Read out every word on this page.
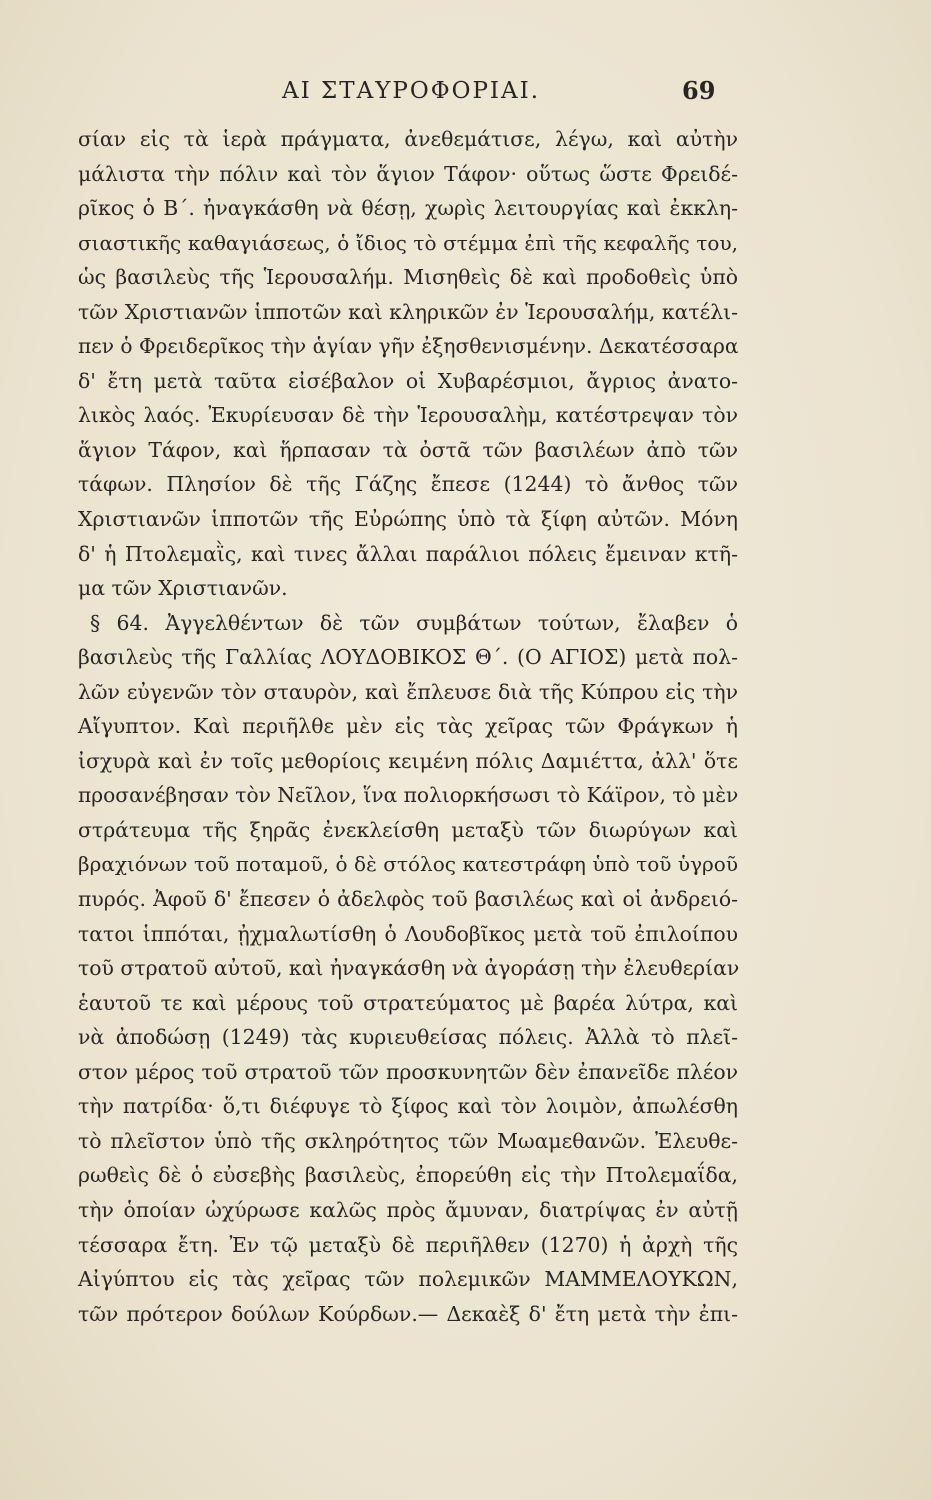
ΑΙ ΣΤΑΥΡΟΦΟΡΙΑΙ.	69
σίαν εἰς τὰ ἱερὰ πράγματα, ἀνεθεμάτισε, λέγω, καὶ αὐτὴν
μάλιστα τὴν πόλιν καὶ τὸν ἅγιον Τάφον· οὕτως ὥστε Φρειδέ-
ρῖκος ὁ Β΄. ἠναγκάσθη νὰ θέσῃ, χωρὶς λειτουργίας καὶ ἐκκλη-
σιαστικῆς καθαγιάσεως, ὁ ἴδιος τὸ στέμμα ἐπὶ τῆς κεφαλῆς του,
ὡς βασιλεὺς τῆς Ἱερουσαλήμ. Μισηθεὶς δὲ καὶ προδοθεὶς ὑπὸ
τῶν Χριστιανῶν ἱπποτῶν καὶ κληρικῶν ἐν Ἱερουσαλήμ, κατέλι-
πεν ὁ Φρειδερῖκος τὴν ἁγίαν γῆν ἐξησθενισμένην. Δεκατέσσαρα
δ' ἔτη μετὰ ταῦτα εἰσέβαλον οἱ Χυβαρέσμιοι, ἄγριος ἀνατο-
λικὸς λαός. Ἐκυρίευσαν δὲ τὴν Ἱερουσαλὴμ, κατέστρεψαν τὸν
ἅγιον Τάφον, καὶ ἥρπασαν τὰ ὀστᾶ τῶν βασιλέων ἀπὸ τῶν
τάφων. Πλησίον δὲ τῆς Γάζης ἔπεσε (1244) τὸ ἄνθος τῶν
Χριστιανῶν ἱπποτῶν τῆς Εὐρώπης ὑπὸ τὰ ξίφη αὐτῶν. Μόνη
δ' ἡ Πτολεμαῒς, καὶ τινες ἄλλαι παράλιοι πόλεις ἔμειναν κτῆ-
μα τῶν Χριστιανῶν.
§ 64. Ἀγγελθέντων δὲ τῶν συμβάτων τούτων, ἔλαβεν ὁ
βασιλεὺς τῆς Γαλλίας ΛΟΥΔΟΒΙΚΟΣ Θ΄. (Ο ΑΓΙΟΣ) μετὰ πολ-
λῶν εὐγενῶν τὸν σταυρὸν, καὶ ἔπλευσε διὰ τῆς Κύπρου εἰς τὴν
Αἴγυπτον. Καὶ περιῆλθε μὲν εἰς τὰς χεῖρας τῶν Φράγκων ἡ
ἰσχυρὰ καὶ ἐν τοῖς μεθορίοις κειμένη πόλις Δαμιέττα, ἀλλ' ὅτε
προσανέβησαν τὸν Νεῖλον, ἵνα πολιορκήσωσι τὸ Κάϊρον, τὸ μὲν
στράτευμα τῆς ξηρᾶς ἐνεκλείσθη μεταξὺ τῶν διωρύγων καὶ
βραχιόνων τοῦ ποταμοῦ, ὁ δὲ στόλος κατεστράφη ὑπὸ τοῦ ὑγροῦ
πυρός. Ἀφοῦ δ' ἔπεσεν ὁ ἀδελφὸς τοῦ βασιλέως καὶ οἱ ἀνδρειό-
τατοι ἱππόται, ᾐχμαλωτίσθη ὁ Λουδοβῖκος μετὰ τοῦ ἐπιλοίπου
τοῦ στρατοῦ αὐτοῦ, καὶ ἠναγκάσθη νὰ ἀγοράσῃ τὴν ἐλευθερίαν
ἑαυτοῦ τε καὶ μέρους τοῦ στρατεύματος μὲ βαρέα λύτρα, καὶ
νὰ ἀποδώσῃ (1249) τὰς κυριευθείσας πόλεις. Ἀλλὰ τὸ πλεῖ-
στον μέρος τοῦ στρατοῦ τῶν προσκυνητῶν δὲν ἐπανεῖδε πλέον
τὴν πατρίδα· ὅ,τι διέφυγε τὸ ξίφος καὶ τὸν λοιμὸν, ἀπωλέσθη
τὸ πλεῖστον ὑπὸ τῆς σκληρότητος τῶν Μωαμεθανῶν. Ἐλευθε-
ρωθεὶς δὲ ὁ εὐσεβὴς βασιλεὺς, ἐπορεύθη εἰς τὴν Πτολεμαΐδα,
τὴν ὁποίαν ὠχύρωσε καλῶς πρὸς ἄμυναν, διατρίψας ἐν αὐτῇ
τέσσαρα ἔτη. Ἐν τῷ μεταξὺ δὲ περιῆλθεν (1270) ἡ ἀρχὴ τῆς
Αἰγύπτου εἰς τὰς χεῖρας τῶν πολεμικῶν ΜΑΜΜΕΛΟΥΚΩΝ,
τῶν πρότερον δούλων Κούρδων.— Δεκαὲξ δ' ἔτη μετὰ τὴν ἐπι-
